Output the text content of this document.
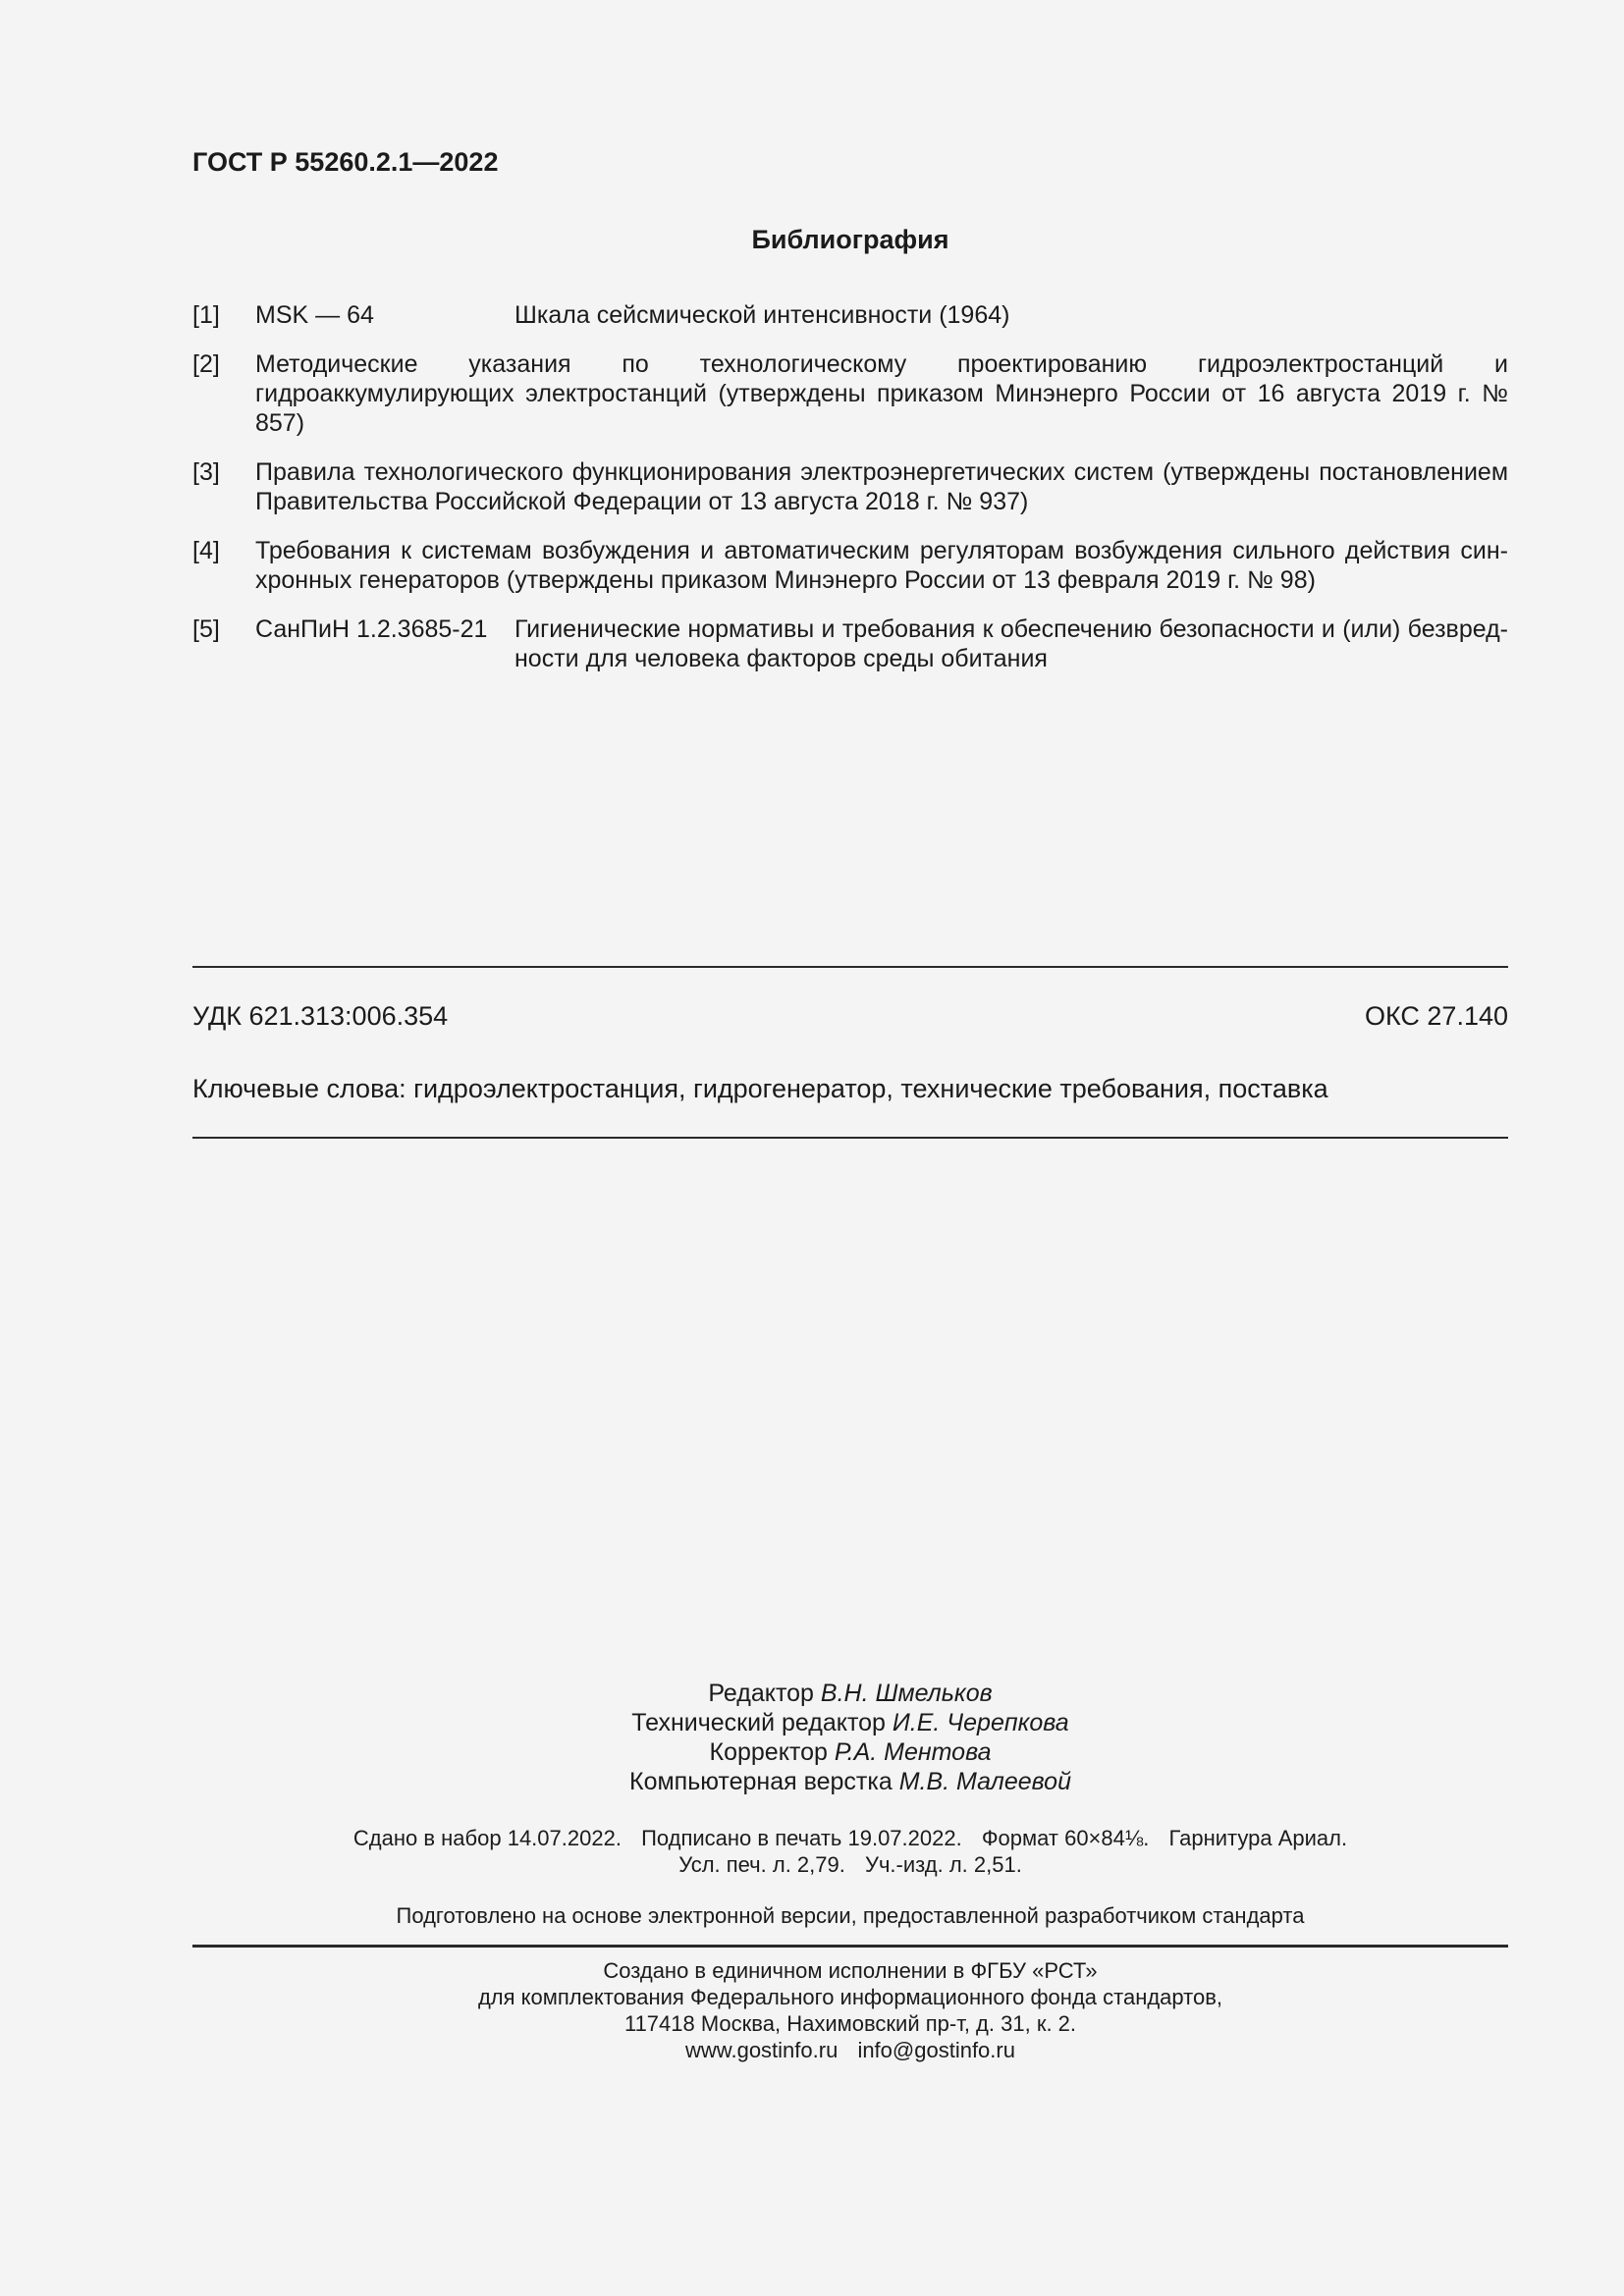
ГОСТ Р 55260.2.1—2022
Библиография
[1]	MSK — 64	Шкала сейсмической интенсивности (1964)
[2]	Методические указания по технологическому проектированию гидроэлектростанций и гидроаккумулирующих электростанций (утверждены приказом Минэнерго России от 16 августа 2019 г. № 857)
[3]	Правила технологического функционирования электроэнергетических систем (утверждены постановлением Правительства Российской Федерации от 13 августа 2018 г. № 937)
[4]	Требования к системам возбуждения и автоматическим регуляторам возбуждения сильного действия синхронных генераторов (утверждены приказом Минэнерго России от 13 февраля 2019 г. № 98)
[5]	СанПиН 1.2.3685-21	Гигиенические нормативы и требования к обеспечению безопасности и (или) безвредности для человека факторов среды обитания
УДК 621.313:006.354	ОКС 27.140
Ключевые слова: гидроэлектростанция, гидрогенератор, технические требования, поставка
Редактор В.Н. Шмельков
Технический редактор И.Е. Черепкова
Корректор Р.А. Ментова
Компьютерная верстка М.В. Малеевой
Сдано в набор 14.07.2022. Подписано в печать 19.07.2022. Формат 60×84⅛. Гарнитура Ариал.
Усл. печ. л. 2,79. Уч.-изд. л. 2,51.
Подготовлено на основе электронной версии, предоставленной разработчиком стандарта
Создано в единичном исполнении в ФГБУ «РСТ»
для комплектования Федерального информационного фонда стандартов,
117418 Москва, Нахимовский пр-т, д. 31, к. 2.
www.gostinfo.ru info@gostinfo.ru
